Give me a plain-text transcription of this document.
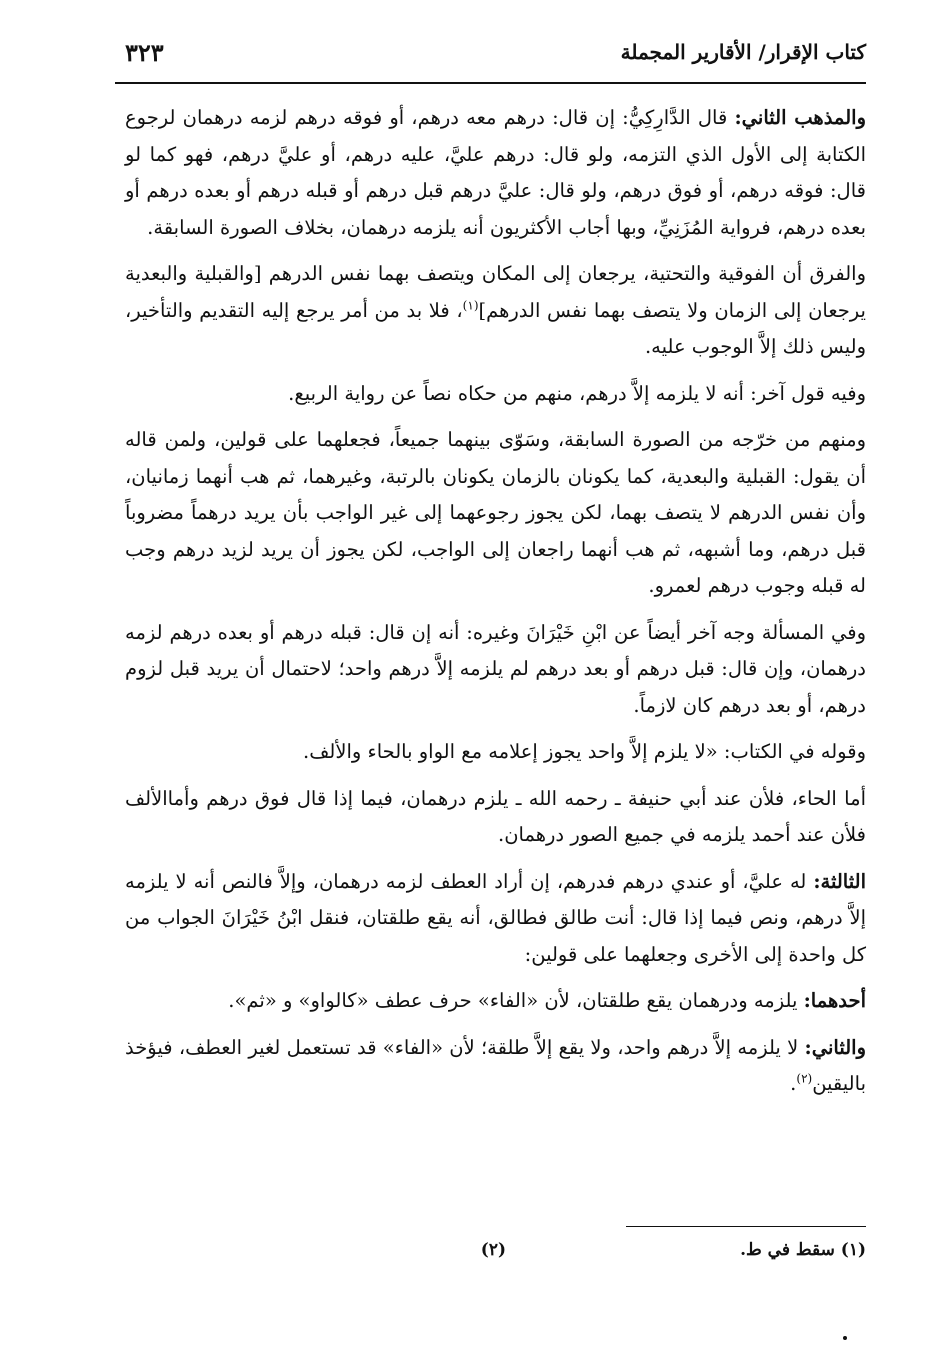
كتاب الإقرار/ الأقارير المجملة
٣٢٣

والمذهب الثاني: قال الدَّارِكِيُّ: إن قال: درهم معه درهم، أو فوقه درهم لزمه درهمان لرجوع الكتابة إلى الأول الذي التزمه، ولو قال: درهم عليَّ، عليه درهم، أو عليَّ درهم، فهو كما لو قال: فوقه درهم، أو فوق درهم، ولو قال: عليَّ درهم قبل درهم أو قبله درهم أو بعده درهم أو بعده درهم، فرواية المُزَنِيِّ، وبها أجاب الأكثريون أنه يلزمه درهمان، بخلاف الصورة السابقة.

والفرق أن الفوقية والتحتية، يرجعان إلى المكان ويتصف بهما نفس الدرهم [والقبلية والبعدية يرجعان إلى الزمان ولا يتصف بهما نفس الدرهم]$^{(١)}$، فلا بد من أمر يرجع إليه التقديم والتأخير، وليس ذلك إلاَّ الوجوب عليه.

وفيه قول آخر: أنه لا يلزمه إلاَّ درهم، منهم من حكاه نصاً عن رواية الربيع.

ومنهم من خرّجه من الصورة السابقة، وسَوّى بينهما جميعاً، فجعلهما على قولين، ولمن قاله أن يقول: القبلية والبعدية، كما يكونان بالزمان يكونان بالرتبة، وغيرهما، ثم هب أنهما زمانيان، وأن نفس الدرهم لا يتصف بهما، لكن يجوز رجوعهما إلى غير الواجب بأن يريد درهماً مضروباً قبل درهم، وما أشبهه، ثم هب أنهما راجعان إلى الواجب، لكن يجوز أن يريد لزيد درهم وجب له قبله وجوب درهم لعمرو.

وفي المسألة وجه آخر أيضاً عن ابْنِ خَيْرَانَ وغيره: أنه إن قال: قبله درهم أو بعده درهم لزمه درهمان، وإن قال: قبل درهم أو بعد درهم لم يلزمه إلاَّ درهم واحد؛ لاحتمال أن يريد قبل لزوم درهم، أو بعد درهم كان لازماً.

وقوله في الكتاب: «لا يلزم إلاَّ واحد يجوز إعلامه مع الواو بالحاء والألف.

أما الحاء، فلأن عند أبي حنيفة ـ رحمه الله ـ يلزم درهمان، فيما إذا قال فوق درهم وأماالألف فلأن عند أحمد يلزمه في جميع الصور درهمان.

الثالثة: له عليَّ، أو عندي درهم فدرهم، إن أراد العطف لزمه درهمان، وإلاَّ فالنص أنه لا يلزمه إلاَّ درهم، ونص فيما إذا قال: أنت طالق فطالق، أنه يقع طلقتان، فنقل ابْنُ خَيْرَانَ الجواب من كل واحدة إلى الأخرى وجعلهما على قولين:

أحدهما: يلزمه ودرهمان يقع طلقتان، لأن «الفاء» حرف عطف «كالواو» و «ثم».

والثاني: لا يلزمه إلاَّ درهم واحد، ولا يقع إلاَّ طلقة؛ لأن «الفاء» قد تستعمل لغير العطف، فيؤخذ باليقين$^{(٢)}$.

(١) سقط في ط.
(٢)
